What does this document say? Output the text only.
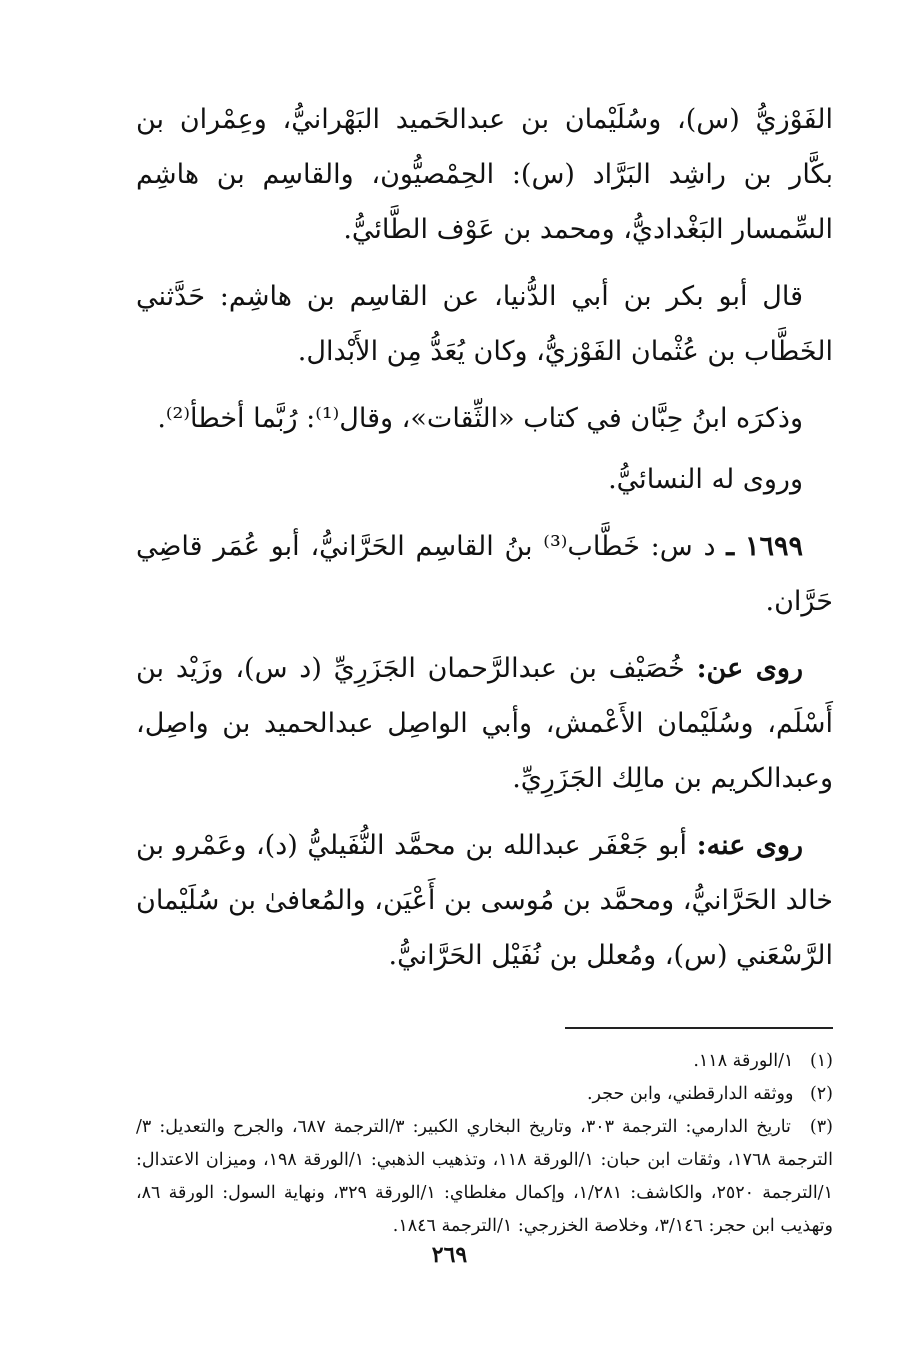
الفَوْزيُّ (س)، وسُلَيْمان بن عبدالحَميد البَهْرانيُّ، وعِمْران بن بكَّار بن راشِد البَرَّاد (س): الحِمْصيُّون، والقاسِم بن هاشِم السِّمسار البَغْداديُّ، ومحمد بن عَوْف الطَّائيُّ.

قال أبو بكر بن أبي الدُّنيا، عن القاسِم بن هاشِم: حَدَّثني الخَطَّاب بن عُثْمان الفَوْزيُّ، وكان يُعَدُّ مِن الأَبْدال.

وذكرَه ابنُ حِبَّان في كتاب «الثِّقات»، وقال⁽¹⁾: رُبَّما أخطأ⁽²⁾.

وروى له النسائيُّ.

١٦٩٩ ـ د س: خَطَّاب⁽³⁾ بنُ القاسِم الحَرَّانيُّ، أبو عُمَر قاضِي حَرَّان.

روى عن: خُصَيْف بن عبدالرَّحمان الجَزَرِيِّ (د س)، وزَيْد بن أَسْلَم، وسُلَيْمان الأَعْمش، وأبي الواصِل عبدالحميد بن واصِل، وعبدالكريم بن مالِك الجَزَرِيِّ.

روى عنه: أبو جَعْفَر عبدالله بن محمَّد النُّفَيليُّ (د)، وعَمْرو بن خالد الحَرَّانيُّ، ومحمَّد بن مُوسى بن أَعْيَن، والمُعافىٰ بن سُلَيْمان الرَّسْعَني (س)، ومُعلل بن نُفَيْل الحَرَّانيُّ.

(١) ١/الورقة ١١٨.

(٢) ووثقه الدارقطني، وابن حجر.

(٣) تاريخ الدارمي: الترجمة ٣٠٣، وتاريخ البخاري الكبير: ٣/الترجمة ٦٨٧، والجرح والتعديل: ٣/الترجمة ١٧٦٨، وثقات ابن حبان: ١/الورقة ١١٨، وتذهيب الذهبي: ١/الورقة ١٩٨، وميزان الاعتدال: ١/الترجمة ٢٥٢٠، والكاشف: ١/٢٨١، وإكمال مغلطاي: ١/الورقة ٣٢٩، ونهاية السول: الورقة ٨٦، وتهذيب ابن حجر: ٣/١٤٦، وخلاصة الخزرجي: ١/الترجمة ١٨٤٦.

٢٦٩
